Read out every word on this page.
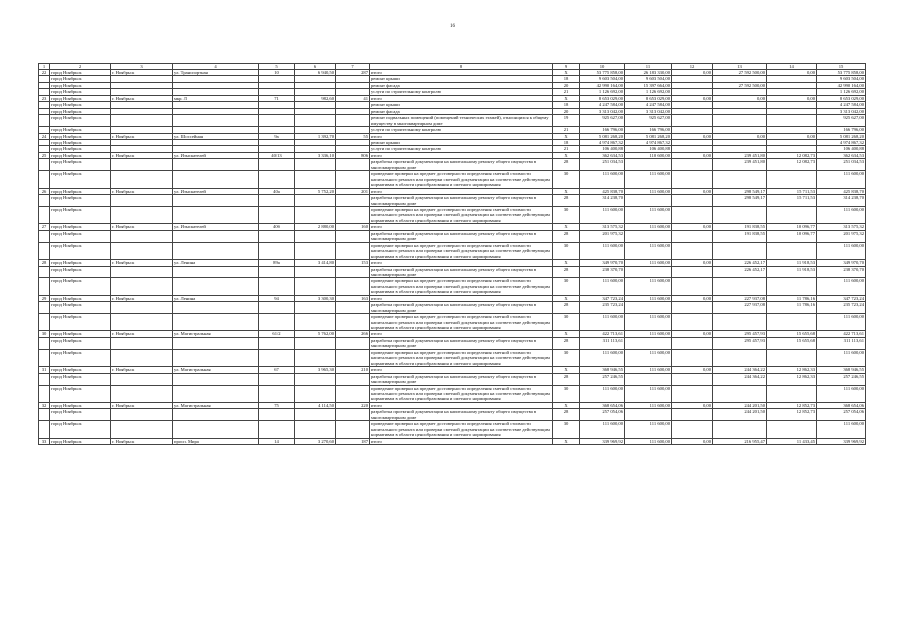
16
1	2	3	4	5	6	7	8	9	10	11	12	13	14	15
22	город Ноябрьск	г. Ноябрьск	ул. Транспортная	10	6 940,50	287	итого	X	53 775 858,00	26 183 330,00	0,00	27 592 500,00	0,00	53 775 858,00
	город Ноябрьск						ремонт крыши	18	9 603 504,00	9 603 504,00				9 603 504,00
	город Ноябрьск						ремонт фасада	20	42 990 164,00	15 397 664,00		27 592 500,00		42 990 164,00
	город Ноябрьск						услуги по строительному контролю	21	1 126 692,00	1 126 692,00				1 126 692,00
23	город Ноябрьск	г. Ноябрьск	мкр. Л	71	982,60	41	итого	X	8 653 029,00	8 653 029,00	0,00	0,00	0,00	8 653 029,00
	город Ноябрьск						ремонт крыши	18	4 247 584,00	4 247 584,00				4 247 584,00
	город Ноябрьск						ремонт фасада	20	3 313 042,00	3 313 042,00				3 313 042,00
	город Ноябрьск						ремонт подвальных помещений (помещений технических этажей), относящихся к общему имуществу в многоквартирном доме	19	925 627,00	925 627,00				925 627,00
	город Ноябрьск						услуги по строительному контролю	21	166 796,00	166 796,00				166 796,00
24	город Ноябрьск	г. Ноябрьск	ул. Шоссейная	9а	1 392,70	55	итого	X	5 081 268,20	5 081 268,20	0,00	0,00	0,00	5 081 268,20
	город Ноябрьск						ремонт крыши	18	4 974 867,32	4 974 867,32				4 974 867,32
	город Ноябрьск						услуги по строительному контролю	21	106 400,88	106 400,88				106 400,88
25	город Ноябрьск	г. Ноябрьск	ул. Изыскателей	40/13	3 336,10	806	итого	X	362 634,53	110 600,00	0,00	239 451,80	12 082,73	362 634,53
	город Ноябрьск						разработка проектной документации на капитальному ремонту общего имущества в многоквартирном доме	28	251 034,53			239 451,80	12 082,73	251 034,53
	город Ноябрьск						проведение проверки на предмет достоверности определения сметной стоимости капитального ремонта или проверки сметной документации на соответствие действующим нормативам в области ценообразования и сметного нормирования	30	111 600,00	111 600,00				111 600,00
26	город Ноябрьск	г. Ноябрьск	ул. Изыскателей	40а	5 752,20	201	итого	X	425 838,70	111 600,00	0,00	298 549,17	15 711,53	425 838,70
	город Ноябрьск						разработка проектной документации на капитальному ремонту общего имущества в многоквартирном доме	28	314 238,70			298 549,17	15 711,53	314 238,70
	город Ноябрьск						проведение проверки на предмет достоверности определения сметной стоимости капитального ремонта или проверки сметной документации на соответствие действующим нормативам в области ценообразования и сметного нормирования	30	111 600,00	111 600,00				111 600,00
27	город Ноябрьск	г. Ноябрьск	ул. Изыскателей	40б	2 880,00	160	итого	X	313 575,32	111 600,00	0,00	191 838,55	10 096,77	313 575,32
	город Ноябрьск						разработка проектной документации на капитальному ремонту общего имущества в многоквартирном доме	28	201 975,32			191 838,55	10 096,77	201 975,32
	город Ноябрьск						проведение проверки на предмет достоверности определения сметной стоимости капитального ремонта или проверки сметной документации на соответствие действующим нормативам в области ценообразования и сметного нормирования	30	111 600,00	111 600,00				111 600,00
28	город Ноябрьск	г. Ноябрьск	ул. Ленина	89а	3 414,80	153	итого	X	349 970,70	111 600,00	0,00	226 452,17	11 918,53	349 970,70
	город Ноябрьск						разработка проектной документации на капитальному ремонту общего имущества в многоквартирном доме	28	238 370,70			226 452,17	11 918,53	238 370,70
	город Ноябрьск						проведение проверки на предмет достоверности определения сметной стоимости капитального ремонта или проверки сметной документации на соответствие действующим нормативам в области ценообразования и сметного нормирования	30	111 600,00	111 600,00				111 600,00
29	город Ноябрьск	г. Ноябрьск	ул. Ленина	94	3 300,30	163	итого	X	347 723,24	111 600,00	0,00	227 937,08	11 786,16	347 723,24
	город Ноябрьск						разработка проектной документации на капитальному ремонту общего имущества в многоквартирном доме	28	235 723,24			227 937,08	11 786,16	235 723,24
	город Ноябрьск						проведение проверки на предмет достоверности определения сметной стоимости капитального ремонта или проверки сметной документации на соответствие действующим нормативам в области ценообразования и сметного нормирования	30	111 600,00	111 600,00				111 600,00
30	город Ноябрьск	г. Ноябрьск	ул. Магистральная	61/2	5 762,00	266	итого	X	422 713,61	111 600,00	0,00	295 457,93	15 655,68	422 713,61
	город Ноябрьск						разработка проектной документации на капитальному ремонту общего имущества в многоквартирном доме	28	311 113,61			295 457,93	15 655,68	311 113,61
	город Ноябрьск						проведение проверки на предмет достоверности определения сметной стоимости капитального ремонта или проверки сметной документации на соответствие действующим нормативам в области ценообразования и сметного нормирования	30	111 600,00	111 600,00				111 600,00
31	город Ноябрьск	г. Ноябрьск	ул. Магистральная	67	3 965,30	210	итого	X	368 946,55	111 600,00	0,00	244 364,22	12 862,33	368 946,55
	город Ноябрьск						разработка проектной документации на капитальному ремонту общего имущества в многоквартирном доме	28	257 246,55			244 364,22	12 862,33	257 246,55
	город Ноябрьск						проведение проверки на предмет достоверности определения сметной стоимости капитального ремонта или проверки сметной документации на соответствие действующим нормативам в области ценообразования и сметного нормирования	30	111 600,00	111 600,00				111 600,00
32	город Ноябрьск	г. Ноябрьск	ул. Магистральная	75	4 114,50	220	итого	X	368 654,06	111 600,00	0,00	244 201,50	12 852,73	368 654,06
	город Ноябрьск						разработка проектной документации на капитальному ремонту общего имущества в многоквартирном доме	28	257 054,06			244 201,50	12 852,73	257 054,06
	город Ноябрьск						проведение проверки на предмет достоверности определения сметной стоимости капитального ремонта или проверки сметной документации на соответствие действующим нормативам в области ценообразования и сметного нормирования	30	111 600,00	111 600,00				111 600,00
33	город Ноябрьск	г. Ноябрьск	просп. Мира	14	3 270,60	187	итого	X	339 969,92	111 600,00	0,00	216 955,47	11 433,45	339 969,92
